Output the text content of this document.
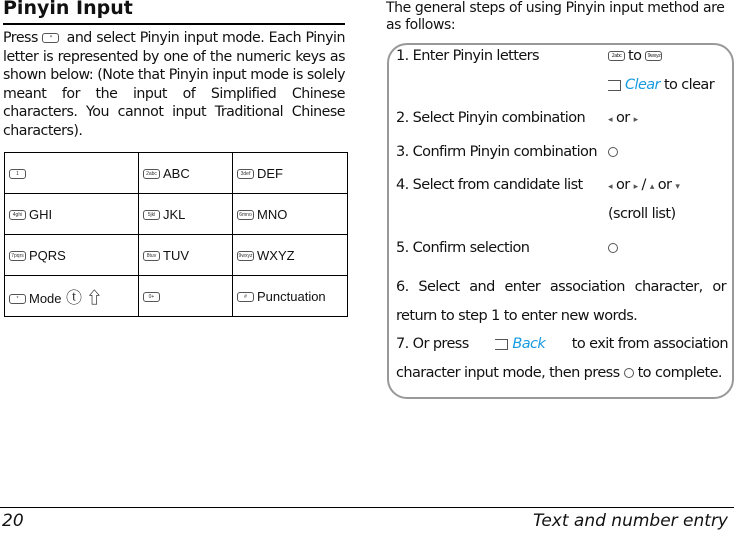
Pinyin Input
Press * and select Pinyin input mode. Each Pinyin letter is represented by one of the numeric keys as shown below: (Note that Pinyin input mode is solely meant for the input of Simplified Chinese characters. You cannot input Traditional Chinese characters).
1	2abc ABC	3def DEF
4ghi GHI	5jkl JKL	6mno MNO
7pqrs PQRS	8tuv TUV	9wxyz WXYZ
* Mode ⓣ ⇧	0+	# Punctuation
The general steps of using Pinyin input method are as follows:
1. Enter Pinyin letters	2abc to 9wxyz
Clear to clear
2. Select Pinyin combination	◂ or ▸
3. Confirm Pinyin combination
4. Select from candidate list	◂ or ▸ / ▴ or ▾
(scroll list)
5. Confirm selection
6. Select and enter association character, or return to step 1 to enter new words.
7. Or press	Back to exit from association
character input mode, then press to complete.
20	Text and number entry
